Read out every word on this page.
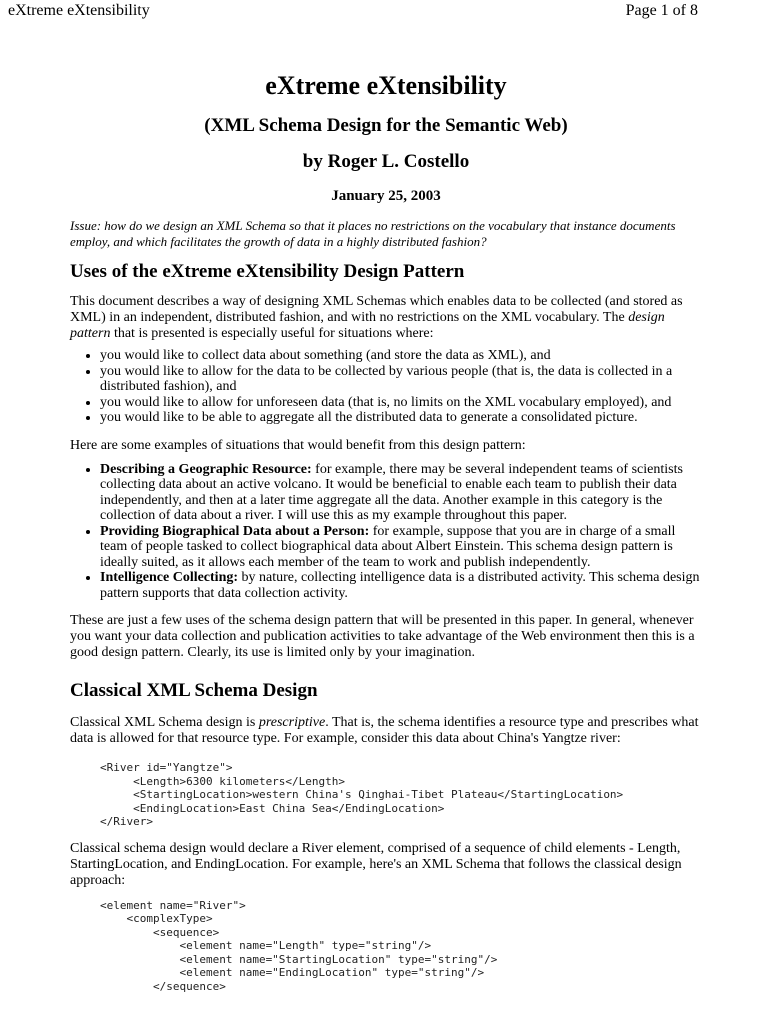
eXtreme eXtensibility	Page 1 of 8
eXtreme eXtensibility
(XML Schema Design for the Semantic Web)
by Roger L. Costello
January 25, 2003

Issue: how do we design an XML Schema so that it places no restrictions on the vocabulary that instance documents employ, and which facilitates the growth of data in a highly distributed fashion?

Uses of the eXtreme eXtensibility Design Pattern

This document describes a way of designing XML Schemas which enables data to be collected (and stored as XML) in an independent, distributed fashion, and with no restrictions on the XML vocabulary. The design pattern that is presented is especially useful for situations where:

• you would like to collect data about something (and store the data as XML), and
• you would like to allow for the data to be collected by various people (that is, the data is collected in a distributed fashion), and
• you would like to allow for unforeseen data (that is, no limits on the XML vocabulary employed), and
• you would like to be able to aggregate all the distributed data to generate a consolidated picture.

Here are some examples of situations that would benefit from this design pattern:

• Describing a Geographic Resource: for example, there may be several independent teams of scientists collecting data about an active volcano. It would be beneficial to enable each team to publish their data independently, and then at a later time aggregate all the data. Another example in this category is the collection of data about a river. I will use this as my example throughout this paper.
• Providing Biographical Data about a Person: for example, suppose that you are in charge of a small team of people tasked to collect biographical data about Albert Einstein. This schema design pattern is ideally suited, as it allows each member of the team to work and publish independently.
• Intelligence Collecting: by nature, collecting intelligence data is a distributed activity. This schema design pattern supports that data collection activity.

These are just a few uses of the schema design pattern that will be presented in this paper. In general, whenever you want your data collection and publication activities to take advantage of the Web environment then this is a good design pattern. Clearly, its use is limited only by your imagination.

Classical XML Schema Design

Classical XML Schema design is prescriptive. That is, the schema identifies a resource type and prescribes what data is allowed for that resource type. For example, consider this data about China's Yangtze river:

<River id="Yangtze">
<Length>6300 kilometers</Length>
<StartingLocation>western China's Qinghai-Tibet Plateau</StartingLocation>
<EndingLocation>East China Sea</EndingLocation>
</River>

Classical schema design would declare a River element, comprised of a sequence of child elements - Length, StartingLocation, and EndingLocation. For example, here's an XML Schema that follows the classical design approach:

<element name="River">
<complexType>
<sequence>
<element name="Length" type="string"/>
<element name="StartingLocation" type="string"/>
<element name="EndingLocation" type="string"/>
</sequence>
